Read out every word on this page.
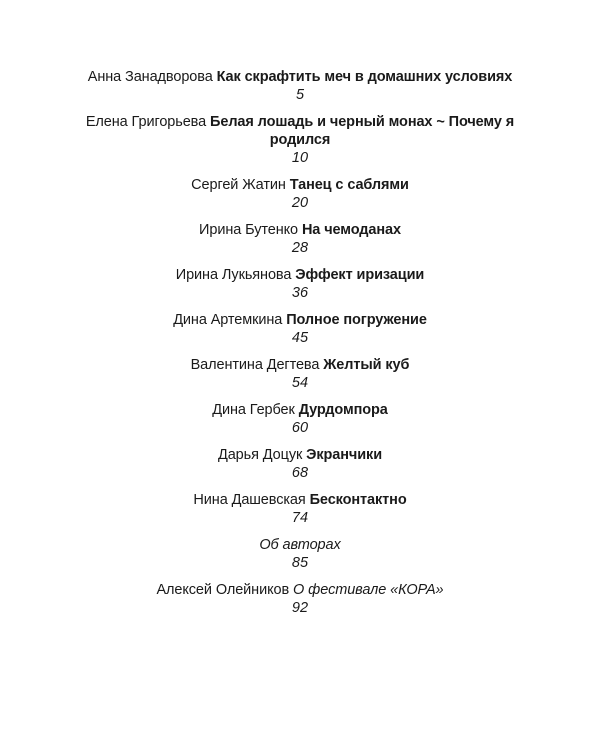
Анна Занадворова Как скрафтить меч в домашних условиях
5
Елена Григорьева Белая лошадь и черный монах ~ Почему я родился
10
Сергей Жатин Танец с саблями
20
Ирина Бутенко На чемоданах
28
Ирина Лукьянова Эффект иризации
36
Дина Артемкина Полное погружение
45
Валентина Дегтева Желтый куб
54
Дина Гербек Дурдомпора
60
Дарья Доцук Экранчики
68
Нина Дашевская Бесконтактно
74
Об авторах
85
Алексей Олейников О фестивале «КОРА»
92
